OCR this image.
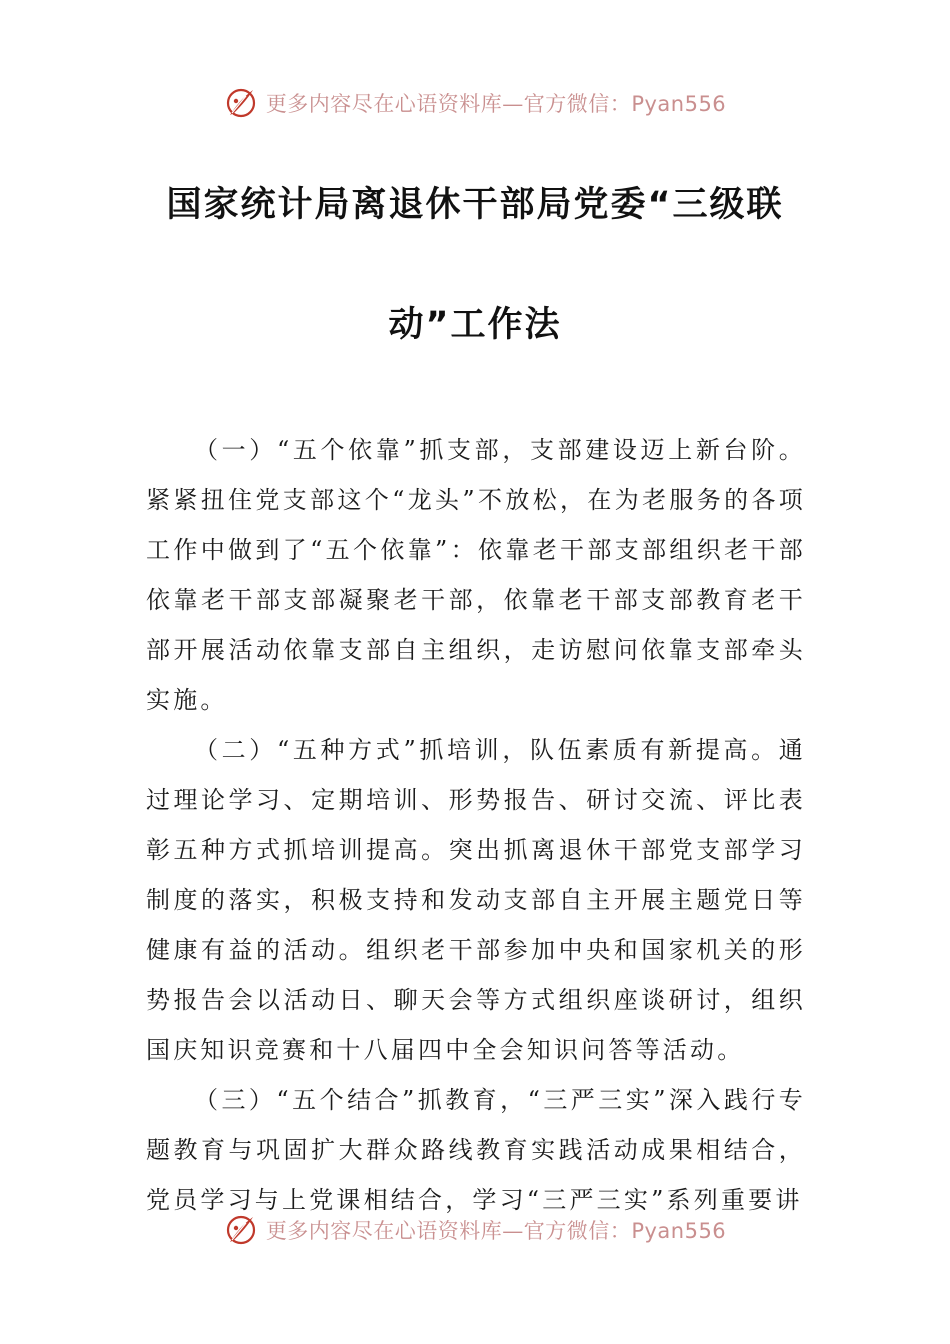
更多内容尽在心语资料库—官方微信：Pyan556
国家统计局离退休干部局党委“三级联
动”工作法

（一）“五个依靠”抓支部，支部建设迈上新台阶。紧紧扭住党支部这个“龙头”不放松，在为老服务的各项工作中做到了“五个依靠”：依靠老干部支部组织老干部依靠老干部支部凝聚老干部，依靠老干部支部教育老干部开展活动依靠支部自主组织，走访慰问依靠支部牵头实施。

（二）“五种方式”抓培训，队伍素质有新提高。通过理论学习、定期培训、形势报告、研讨交流、评比表彰五种方式抓培训提高。突出抓离退休干部党支部学习制度的落实，积极支持和发动支部自主开展主题党日等健康有益的活动。组织老干部参加中央和国家机关的形势报告会以活动日、聊天会等方式组织座谈研讨，组织国庆知识竞赛和十八届四中全会知识问答等活动。

（三）“五个结合”抓教育，“三严三实”深入践行专题教育与巩固扩大群众路线教育实践活动成果相结合，党员学习与上党课相结合，学习“三严三实”系列重要讲

更多内容尽在心语资料库—官方微信：Pyan556
